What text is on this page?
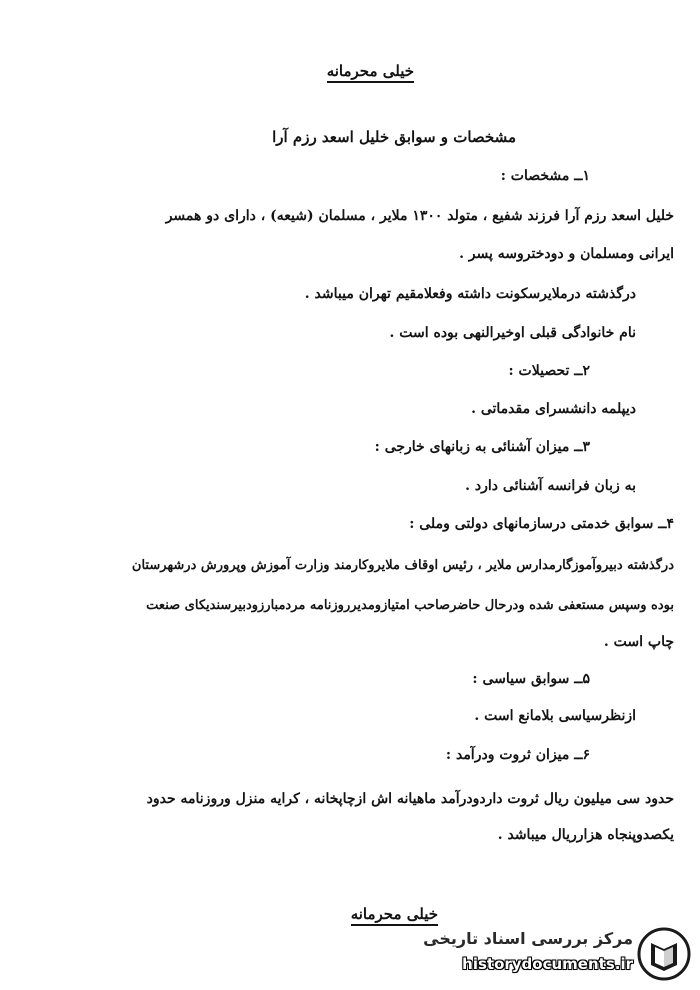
خیلی محرمانه
مشخصات و سوابق خلیل اسعد رزم آرا
۱ــ مشخصات :
خلیل اسعد رزم آرا فرزند شفیع ، متولد ۱۳۰۰ ملایر ، مسلمان (شیعه) ، دارای دو همسر
ایرانی ومسلمان و دودختروسه پسر .
درگذشته درملایرسکونت داشته وفعلامقیم تهران میباشد .
نام خانوادگی قبلی اوخیرالنهی بوده است .
۲ــ تحصیلات :
دیپلمه دانشسرای مقدماتی .
۳ــ میزان آشنائی به زبانهای خارجی :
به زبان فرانسه آشنائی دارد .
۴ــ سوابق خدمتی درسازمانهای دولتی وملی :
درگذشته دبیروآموزگارمدارس ملایر ، رئیس اوقاف ملایروکارمند وزارت آموزش وپرورش درشهرستان
بوده وسپس مستعفی شده ودرحال حاضرصاحب امتیازومدیرروزنامه مردمبارزودبیرسندیکای صنعت
چاپ است .
۵ــ سوابق سیاسی :
ازنظرسیاسی بلامانع است .
۶ــ میزان ثروت ودرآمد :
حدود سی میلیون ریال ثروت داردودرآمد ماهیانه اش ازچاپخانه ، کرایه منزل وروزنامه حدود
یکصدوپنجاه هزارریال میباشد .
خیلی محرمانه
مرکز بررسی اسناد تاریخی
historydocuments.ir
